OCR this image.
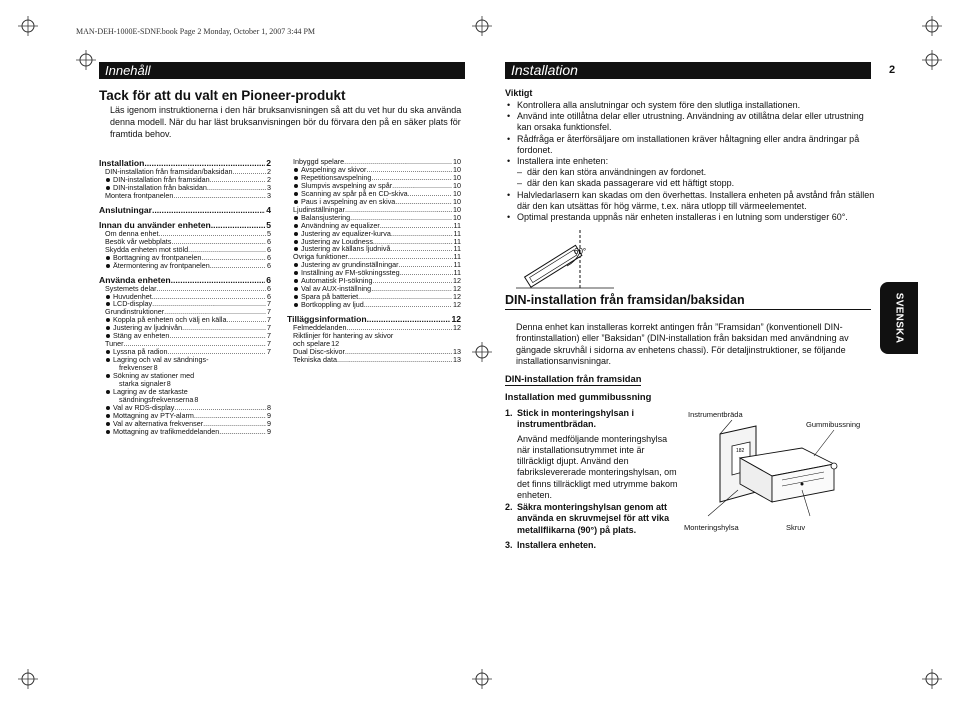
MAN-DEH-1000E-SDNF.book Page 2 Monday, October 1, 2007 3:44 PM
Innehåll
Tack för att du valt en Pioneer-produkt
Läs igenom instruktionerna i den här bruksanvisningen så att du vet hur du ska använda denna modell. När du har läst bruksanvisningen bör du förvara den på en säker plats för framtida behov.
Installation .....	2
DIN-installation från framsidan/baksidan .....	2
DIN-installation från framsidan .....	2
DIN-installation från baksidan .....	3
Montera frontpanelen .....	3
Anslutningar .....	4
Innan du använder enheten .....	5
Om denna enhet .....	5
Besök vår webbplats .....	6
Skydda enheten mot stöld .....	6
Borttagning av frontpanelen .....	6
Återmontering av frontpanelen .....	6
Använda enheten .....	6
Systemets delar .....	6
Huvudenhet .....	6
LCD-display .....	7
Grundinstruktioner .....	7
Koppla på enheten och välj en källa .....	7
Justering av ljudnivån .....	7
Stäng av enheten .....	7
Tuner .....	7
Lyssna på radion .....	7
Lagring och val av sändnings-
frekvenser 8
Sökning av stationer med
starka signaler 8
Lagring av de starkaste
sändningsfrekvenserna 8
Val av RDS-display .....	8
Mottagning av PTY-alarm .....	9
Val av alternativa frekvenser .....	9
Mottagning av trafikmeddelanden .....	9
Inbyggd spelare .....	10
Avspelning av skivor .....	10
Repetitionsavspelning .....	10
Slumpvis avspelning av spår .....	10
Scanning av spår på en CD-skiva .....	10
Paus i avspelning av en skiva .....	10
Ljudinställningar .....	10
Balansjustering .....	10
Användning av equalizer .....	11
Justering av equalizer-kurva .....	11
Justering av Loudness .....	11
Justering av källans ljudnivå .....	11
Övriga funktioner .....	11
Justering av grundinställningar .....	11
Inställning av FM-sökningssteg .....	11
Automatisk PI-sökning .....	12
Val av AUX-inställning .....	12
Spara på batteriet .....	12
Bortkoppling av ljud .....	12
Tilläggsinformation .....	12
Felmeddelanden .....	12
Riktlinjer för hantering av skivor
och spelare 12
Dual Disc-skivor .....	13
Tekniska data .....	13
Installation	2
Viktigt
• Kontrollera alla anslutningar och system före den slutliga installationen.
• Använd inte otillåtna delar eller utrustning. Användning av otillåtna delar eller utrustning kan orsaka funktionsfel.
• Rådfråga er återförsäljare om installationen kräver håltagning eller andra ändringar på fordonet.
• Installera inte enheten:
– där den kan störa användningen av fordonet.
– där den kan skada passagerare vid ett häftigt stopp.
• Halvledarlasern kan skadas om den överhettas. Installera enheten på avstånd från ställen där den kan utsättas för hög värme, t.ex. nära utlopp till värmeelementet.
• Optimal prestanda uppnås när enheten installeras i en lutning som understiger 60°.
60°
DIN-installation från framsidan/baksidan
Denna enhet kan installeras korrekt antingen från ”Framsidan” (konventionell DIN-frontinstallation) eller ”Baksidan” (DIN-installation från baksidan med användning av gängade skruvhål i sidorna av enhetens chassi). För detaljinstruktioner, se följande installationsanvisningar.
DIN-installation från framsidan
Installation med gummibussning
1. Stick in monteringshylsan i instrumentbrädan.
Använd medföljande monteringshylsa när installationsutrymmet inte är tillräckligt djupt. Använd den fabrikslevererade monteringshylsan, om det finns tillräckligt med utrymme bakom enheten.
2. Säkra monteringshylsan genom att använda en skruvmejsel för att vika metallflikarna (90°) på plats.
3. Installera enheten.
Instrumentbräda
Gummibussning
Monteringshylsa	Skruv
182
SVENSKA
